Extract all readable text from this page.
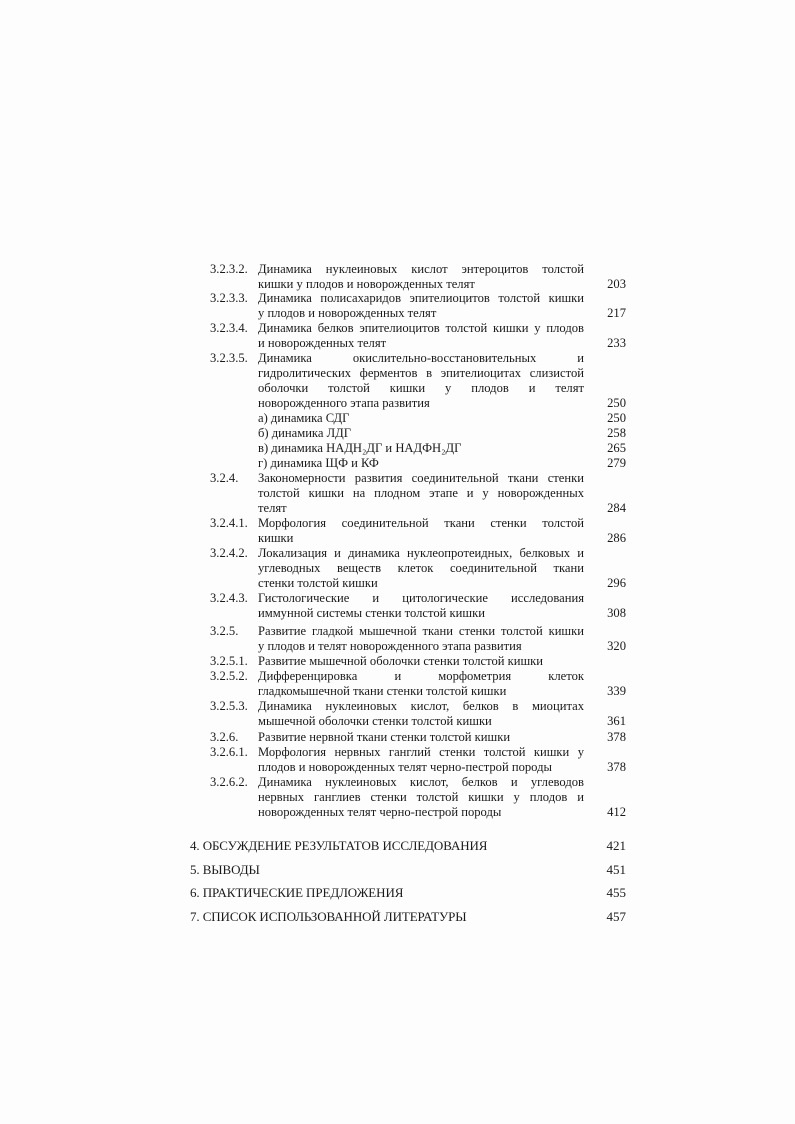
3.2.3.2. Динамика нуклеиновых кислот энтероцитов толстой
кишки у плодов и новорожденных телят	203
3.2.3.3. Динамика полисахаридов эпителиоцитов толстой кишки
у плодов и новорожденных телят	217
3.2.3.4. Динамика белков эпителиоцитов толстой кишки у плодов
и новорожденных телят	233
3.2.3.5. Динамика окислительно-восстановительных и
гидролитических ферментов в эпителиоцитах слизистой
оболочки толстой кишки у плодов и телят
новорожденного этапа развития	250
а) динамика СДГ	250
б) динамика ЛДГ	258
в) динамика НАДН₂ДГ и НАДФН₂ДГ	265
г) динамика ЩФ и КФ	279
3.2.4. Закономерности развития соединительной ткани стенки
толстой кишки на плодном этапе и у новорожденных
телят	284
3.2.4.1. Морфология соединительной ткани стенки толстой
кишки	286
3.2.4.2. Локализация и динамика нуклеопротеидных, белковых и
углеводных веществ клеток соединительной ткани
стенки толстой кишки	296
3.2.4.3. Гистологические и цитологические исследования
иммунной системы стенки толстой кишки	308
3.2.5. Развитие гладкой мышечной ткани стенки толстой кишки
у плодов и телят новорожденного этапа развития	320
3.2.5.1. Развитие мышечной оболочки стенки толстой кишки
3.2.5.2. Дифференцировка и морфометрия клеток
гладкомышечной ткани стенки толстой кишки	339
3.2.5.3. Динамика нуклеиновых кислот, белков в миоцитах
мышечной оболочки стенки толстой кишки	361
3.2.6. Развитие нервной ткани стенки толстой кишки	378
3.2.6.1. Морфология нервных ганглий стенки толстой кишки у
плодов и новорожденных телят черно-пестрой породы	378
3.2.6.2. Динамика нуклеиновых кислот, белков и углеводов
нервных ганглиев стенки толстой кишки у плодов и
новорожденных телят черно-пестрой породы	412
4. ОБСУЖДЕНИЕ РЕЗУЛЬТАТОВ ИССЛЕДОВАНИЯ	421
5. ВЫВОДЫ	451
6. ПРАКТИЧЕСКИЕ ПРЕДЛОЖЕНИЯ	455
7. СПИСОК ИСПОЛЬЗОВАННОЙ ЛИТЕРАТУРЫ	457
